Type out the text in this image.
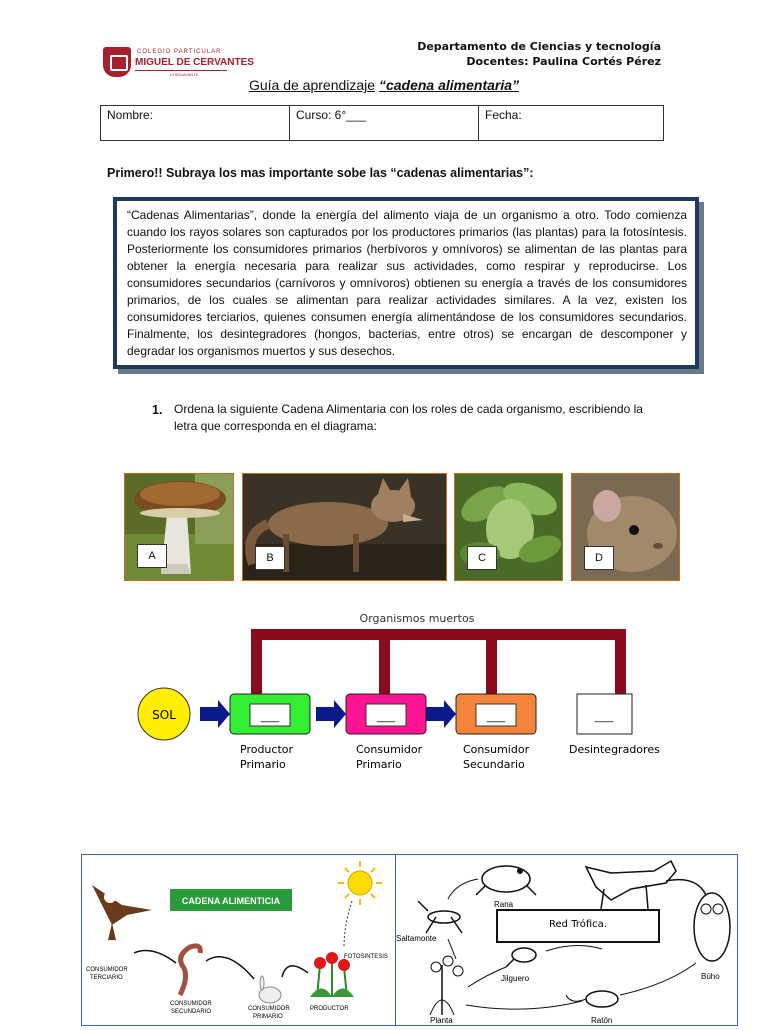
COLEGIO PARTICULAR
MIGUEL DE CERVANTES
CHIGUAYANTE
Departamento de Ciencias y tecnología
Docentes: Paulina Cortés Pérez
Guía de aprendizaje “cadena alimentaria”
Nombre:	Curso: 6°___	Fecha:
Primero!! Subraya los mas importante sobe las “cadenas alimentarias”:
“Cadenas Alimentarias”, donde la energía del alimento viaja de un organismo a otro. Todo comienza cuando los rayos solares son capturados por los productores primarios (las plantas) para la fotosíntesis. Posteriormente los consumidores primarios (herbívoros y omnívoros) se alimentan de las plantas para obtener la energía necesaria para realizar sus actividades, como respirar y reproducirse. Los consumidores secundarios (carnívoros y omnívoros) obtienen su energía a través de los consumidores primarios, de los cuales se alimentan para realizar actividades similares. A la vez, existen los consumidores terciarios, quienes consumen energía alimentándose de los consumidores secundarios. Finalmente, los desintegradores (hongos, bacterias, entre otros) se encargan de descomponer y degradar los organismos muertos y sus desechos.
1. Ordena la siguiente Cadena Alimentaria con los roles de cada organismo, escribiendo la letra que corresponda en el diagrama:
A	B	C	D
Organismos muertos
SOL	___	___	___	___
Productor
Primario
Consumidor
Primario
Consumidor
Secundario
Desintegradores
CADENA ALIMENTICIA
FOTOSINTESIS
CONSUMIDOR
TERCIARIO
CONSUMIDOR
SECUNDARIO	CONSUMIDOR
PRIMARIO
PRODUCTOR
Rana
Saltamonte
Red Trófica.
Búho
Jilguero
Planta	Ratón
